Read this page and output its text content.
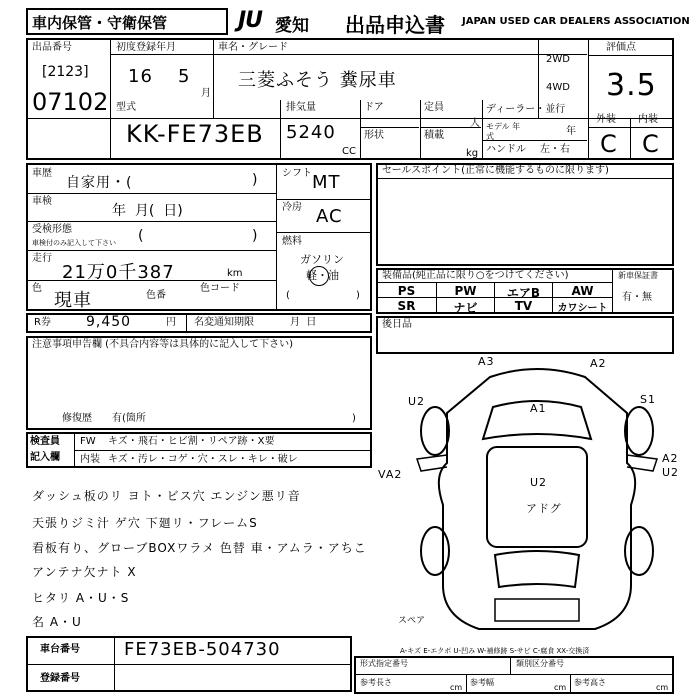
車内保管・守衛保管	JU 愛知 出品申込書 JAPAN USED CAR DEALERS ASSOCIATION
出品番号
[2123]
07102
初度登録年月
16 5
月
車名・グレード
三菱ふそう 糞尿車
2WD
4WD
評価点
3.5
型式
KK-FE73EB
排気量
5240
CC
ドア
形状
定員
人
積載
kg
ディーラー・並行
モデル 年式	年
ハンドル 左・右
外装 内装
C C
車歴
自家用・(	)
車検
年  月(  日)
受検形態
車検付のみ記入して下さい (	)
走行
21万0千387	km
色
現車	色番
色コード
シフト MT
冷房 AC
燃料
ガソリン
軽・油
(	)
R券	9,450	円 名変通知期限	月  日
セールスポイント(正常に機能するものに限ります)
装備品(純正品に限り○をつけてください)
PS	PW	エアB	AW
SR	ナビ	TV	カワシート
新車保証書
有・無
後日品
注意事項申告欄 (不具合内容等は具体的に記入して下さい)
修復歴 有(箇所	)
検査員
記入欄
FW キズ・飛石・ヒビ割・リペア跡・X要
内装 キズ・汚レ・コゲ・穴・スレ・キレ・破レ
ダッシュ板のリ ヨト・ビス穴 エンジン悪リ音
天張りジミ汁 ゲ穴 下廻リ・フレームS
看板有り、グローブBOXワラメ 色替 車・アムラ・アちこ
アンテナ欠ナト X
ヒタリ A・U・S
名 A・U
A3	A2
U2	S1
A1
U2
VA2
A2
U2
アドグ
スペア
A-キズ E-エクボ U-凹み W-補修跡 S-サビ C-腐食 XX-交換済
車台番号 FE73EB-504730
登録番号
形式指定番号	類別区分番号
参考 長さ
cm
参考 幅
cm
参考 高さ
cm
